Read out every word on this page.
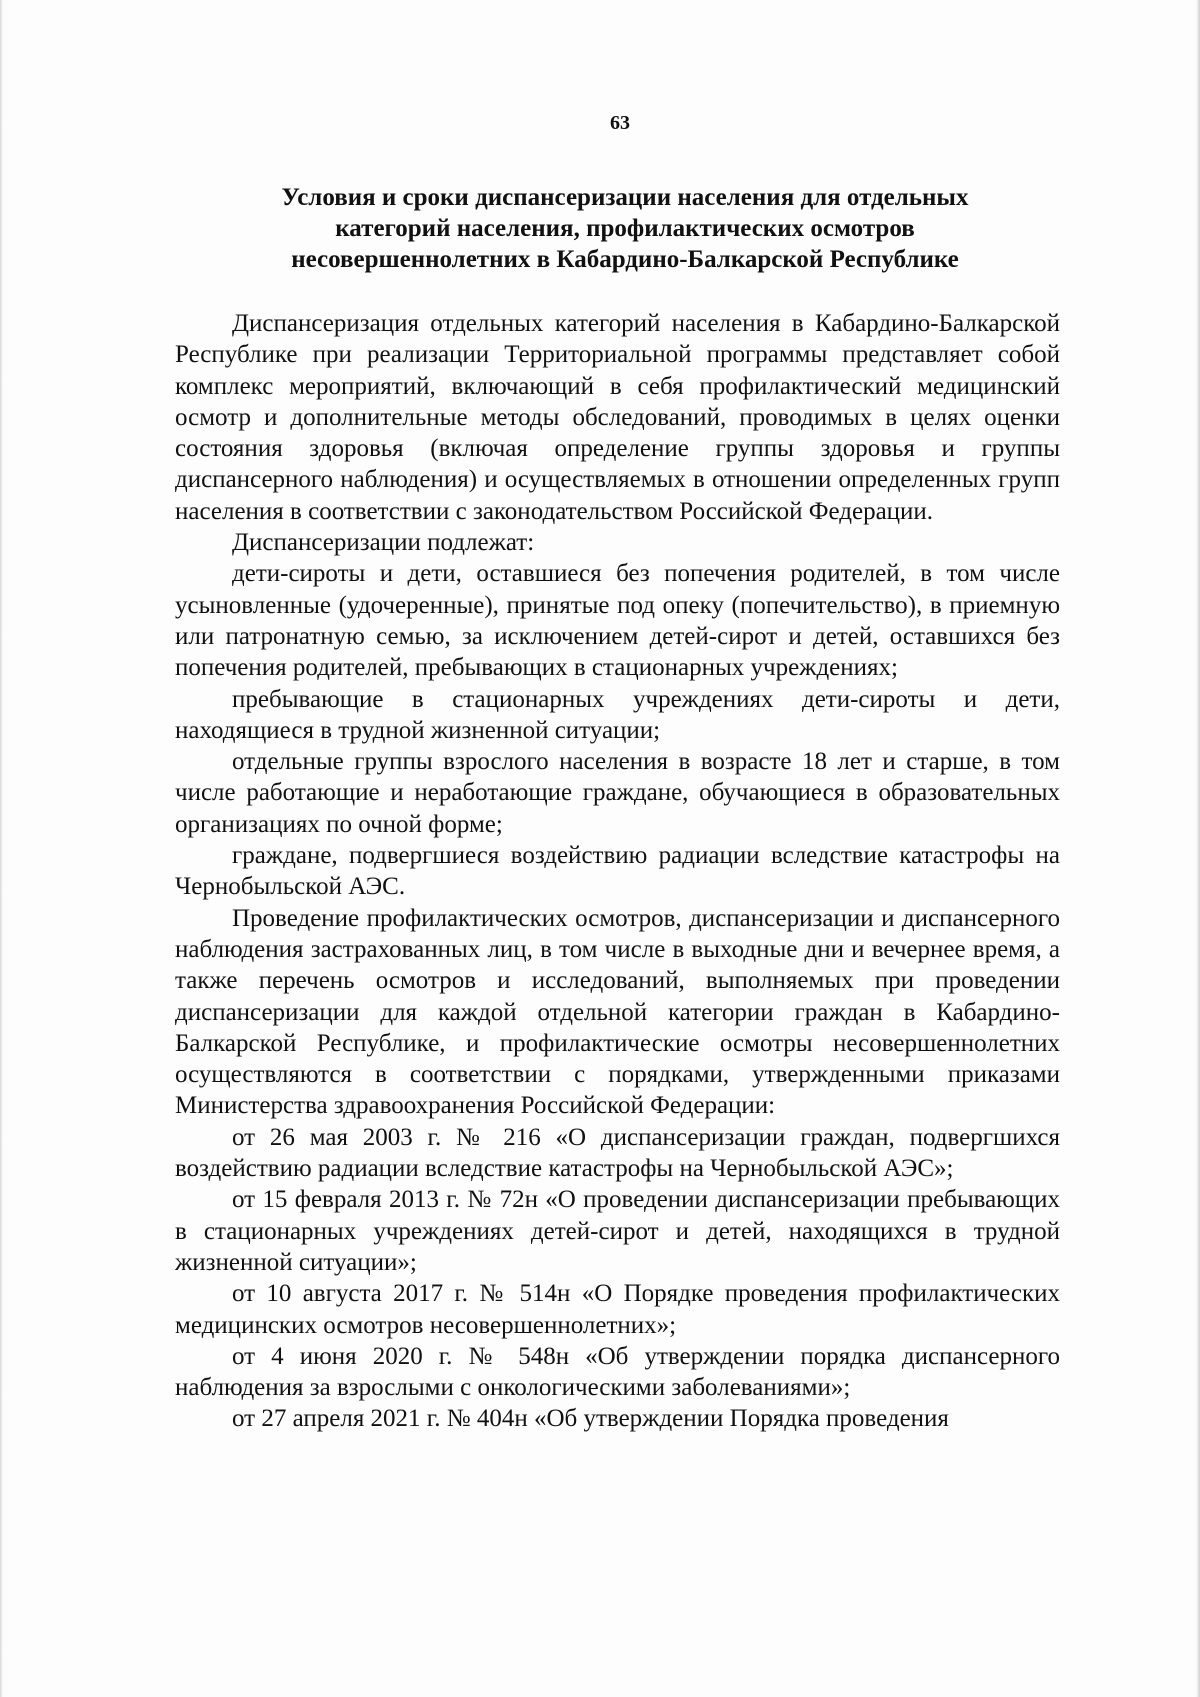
63
Условия и сроки диспансеризации населения для отдельных
категорий населения, профилактических осмотров
несовершеннолетних в Кабардино-Балкарской Республике

Диспансеризация отдельных категорий населения в Кабардино-Балкарской Республике при реализации Территориальной программы представляет собой комплекс мероприятий, включающий в себя профилактический медицинский осмотр и дополнительные методы обследований, проводимых в целях оценки состояния здоровья (включая определение группы здоровья и группы диспансерного наблюдения) и осуществляемых в отношении определенных групп населения в соответствии с законодательством Российской Федерации.

Диспансеризации подлежат:

дети-сироты и дети, оставшиеся без попечения родителей, в том числе усыновленные (удочеренные), принятые под опеку (попечительство), в приемную или патронатную семью, за исключением детей-сирот и детей, оставшихся без попечения родителей, пребывающих в стационарных учреждениях;

пребывающие в стационарных учреждениях дети-сироты и дети, находящиеся в трудной жизненной ситуации;

отдельные группы взрослого населения в возрасте 18 лет и старше, в том числе работающие и неработающие граждане, обучающиеся в образовательных организациях по очной форме;

граждане, подвергшиеся воздействию радиации вследствие катастрофы на Чернобыльской АЭС.

Проведение профилактических осмотров, диспансеризации и диспансерного наблюдения застрахованных лиц, в том числе в выходные дни и вечернее время, а также перечень осмотров и исследований, выполняемых при проведении диспансеризации для каждой отдельной категории граждан в Кабардино-Балкарской Республике, и профилактические осмотры несовершеннолетних осуществляются в соответствии с порядками, утвержденными приказами Министерства здравоохранения Российской Федерации:

от 26 мая 2003 г. № 216 «О диспансеризации граждан, подвергшихся воздействию радиации вследствие катастрофы на Чернобыльской АЭС»;

от 15 февраля 2013 г. № 72н «О проведении диспансеризации пребывающих в стационарных учреждениях детей-сирот и детей, находящихся в трудной жизненной ситуации»;

от 10 августа 2017 г. № 514н «О Порядке проведения профилактических медицинских осмотров несовершеннолетних»;

от 4 июня 2020 г. № 548н «Об утверждении порядка диспансерного наблюдения за взрослыми с онкологическими заболеваниями»;

от 27 апреля 2021 г. № 404н «Об утверждении Порядка проведения
